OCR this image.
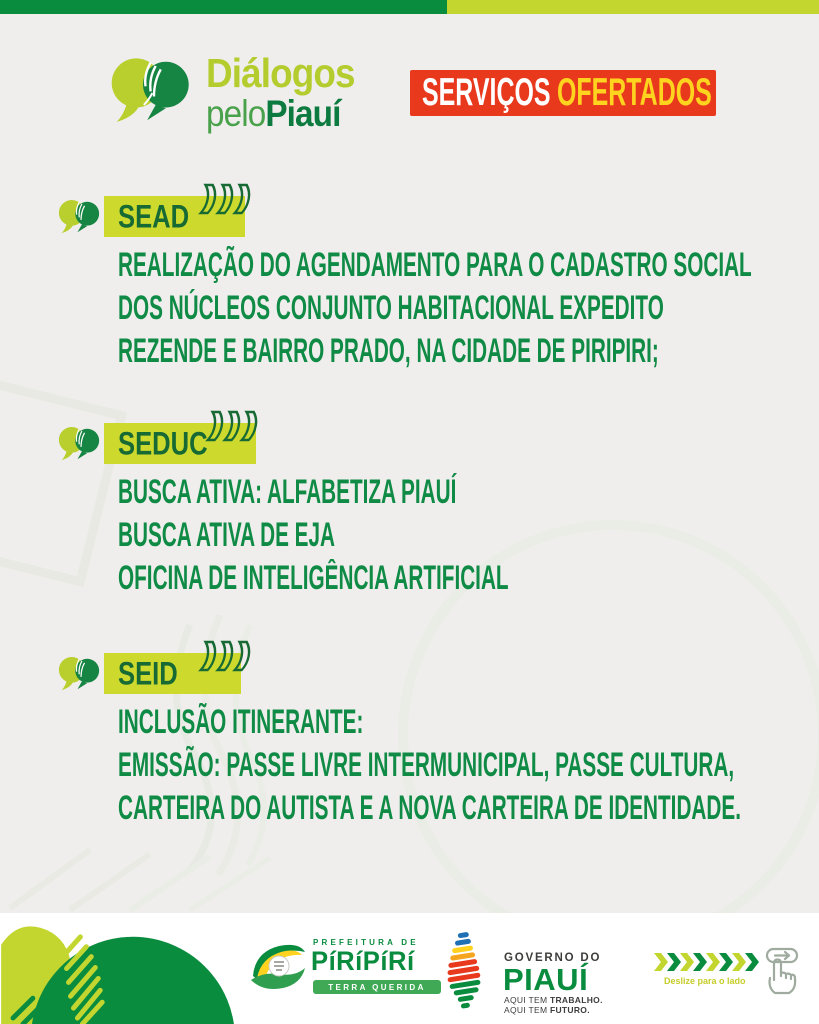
Diálogos
peloPiauí	SERVIÇOS OFERTADOS
SEAD
REALIZAÇÃO DO AGENDAMENTO PARA O CADASTRO SOCIAL
DOS NÚCLEOS CONJUNTO HABITACIONAL EXPEDITO
REZENDE E BAIRRO PRADO, NA CIDADE DE PIRIPIRI;
SEDUC
BUSCA ATIVA: ALFABETIZA PIAUÍ
BUSCA ATIVA DE EJA
OFICINA DE INTELIGÊNCIA ARTIFICIAL
SEID
INCLUSÃO ITINERANTE:
EMISSÃO: PASSE LIVRE INTERMUNICIPAL, PASSE CULTURA,
CARTEIRA DO AUTISTA E A NOVA CARTEIRA DE IDENTIDADE.
PREFEITURA DE
PíRíPíRí
TERRA QUERIDA
GOVERNO DO
PIAUÍ
AQUI TEM TRABALHO.
AQUI TEM FUTURO.
Deslize para o lado
